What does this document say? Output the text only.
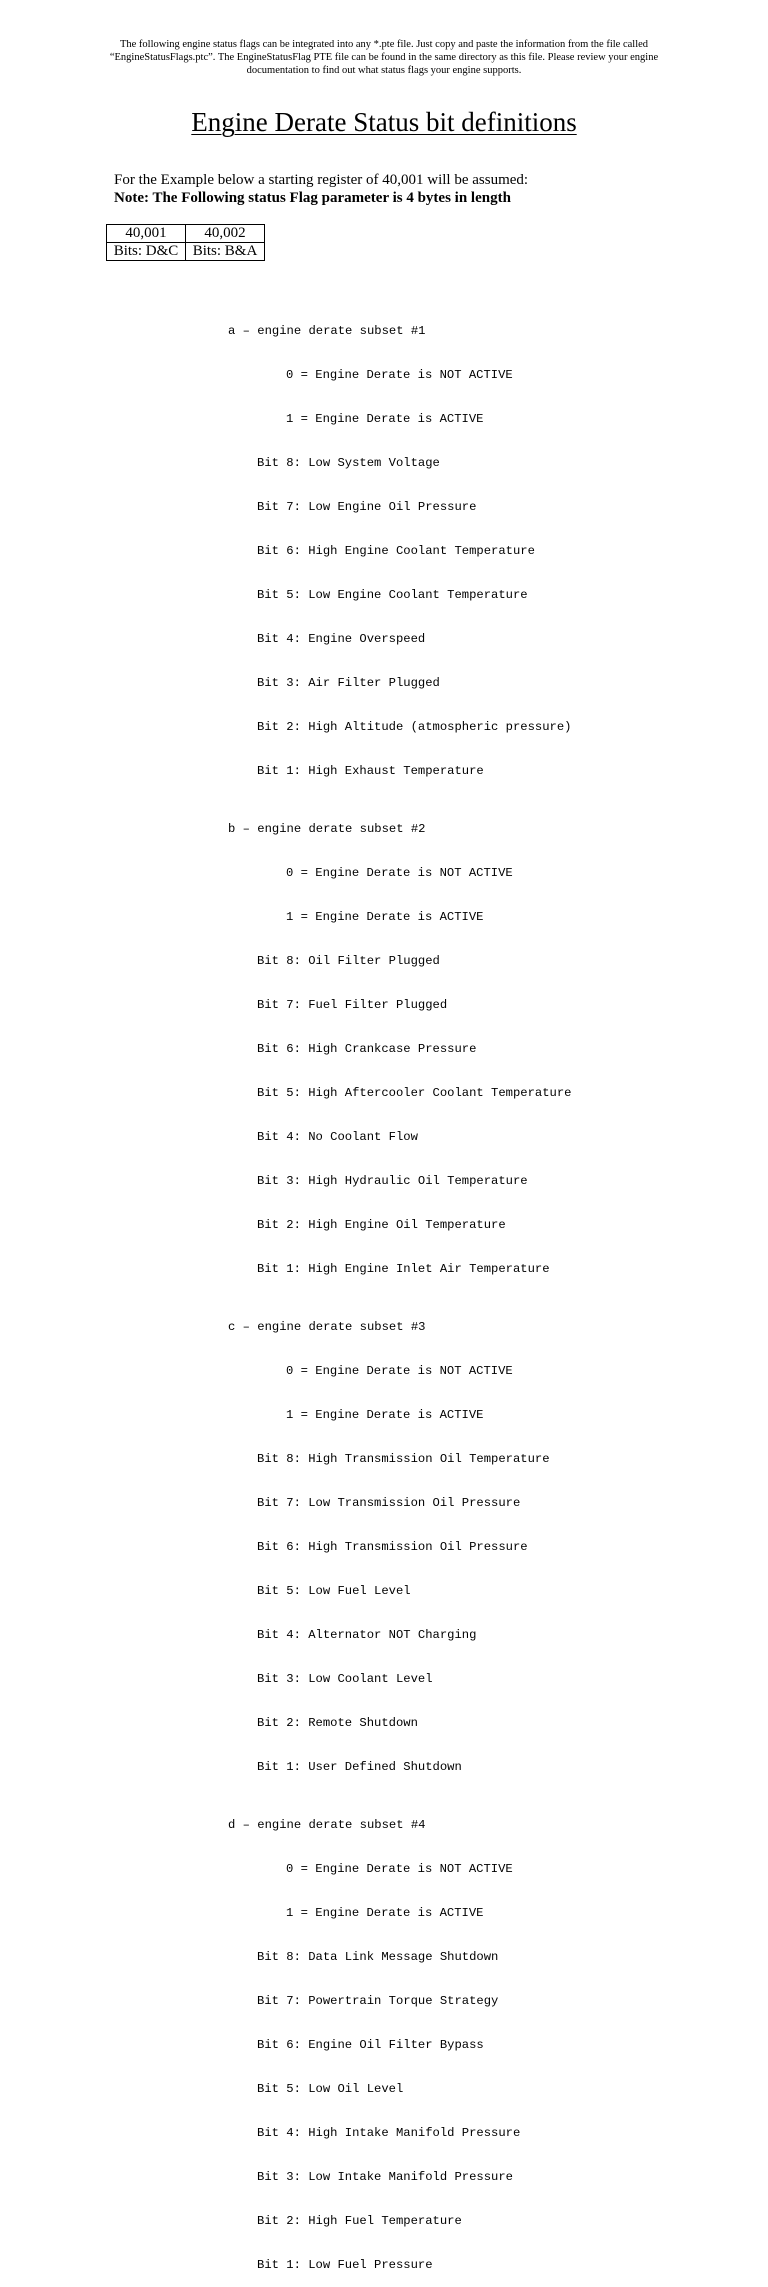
The following engine status flags can be integrated into any *.pte file. Just copy and paste the information from the file called
“EngineStatusFlags.ptc”. The EngineStatusFlag PTE file can be found in the same directory as this file. Please review your engine
documentation to find out what status flags your engine supports.
Engine Derate Status bit definitions
For the Example below a starting register of 40,001 will be assumed:
Note: The Following status Flag parameter is 4 bytes in length
40,001	40,002
Bits: D&C	Bits: B&A

a – engine derate subset #1

0 = Engine Derate is NOT ACTIVE

1 = Engine Derate is ACTIVE

Bit 8: Low System Voltage

Bit 7: Low Engine Oil Pressure

Bit 6: High Engine Coolant Temperature

Bit 5: Low Engine Coolant Temperature

Bit 4: Engine Overspeed

Bit 3: Air Filter Plugged

Bit 2: High Altitude (atmospheric pressure)

Bit 1: High Exhaust Temperature

b – engine derate subset #2

0 = Engine Derate is NOT ACTIVE

1 = Engine Derate is ACTIVE

Bit 8: Oil Filter Plugged

Bit 7: Fuel Filter Plugged

Bit 6: High Crankcase Pressure

Bit 5: High Aftercooler Coolant Temperature

Bit 4: No Coolant Flow

Bit 3: High Hydraulic Oil Temperature

Bit 2: High Engine Oil Temperature

Bit 1: High Engine Inlet Air Temperature

c – engine derate subset #3

0 = Engine Derate is NOT ACTIVE

1 = Engine Derate is ACTIVE

Bit 8: High Transmission Oil Temperature

Bit 7: Low Transmission Oil Pressure

Bit 6: High Transmission Oil Pressure

Bit 5: Low Fuel Level

Bit 4: Alternator NOT Charging

Bit 3: Low Coolant Level

Bit 2: Remote Shutdown

Bit 1: User Defined Shutdown

d – engine derate subset #4

0 = Engine Derate is NOT ACTIVE

1 = Engine Derate is ACTIVE

Bit 8: Data Link Message Shutdown

Bit 7: Powertrain Torque Strategy

Bit 6: Engine Oil Filter Bypass

Bit 5: Low Oil Level

Bit 4: High Intake Manifold Pressure

Bit 3: Low Intake Manifold Pressure

Bit 2: High Fuel Temperature

Bit 1: Low Fuel Pressure
